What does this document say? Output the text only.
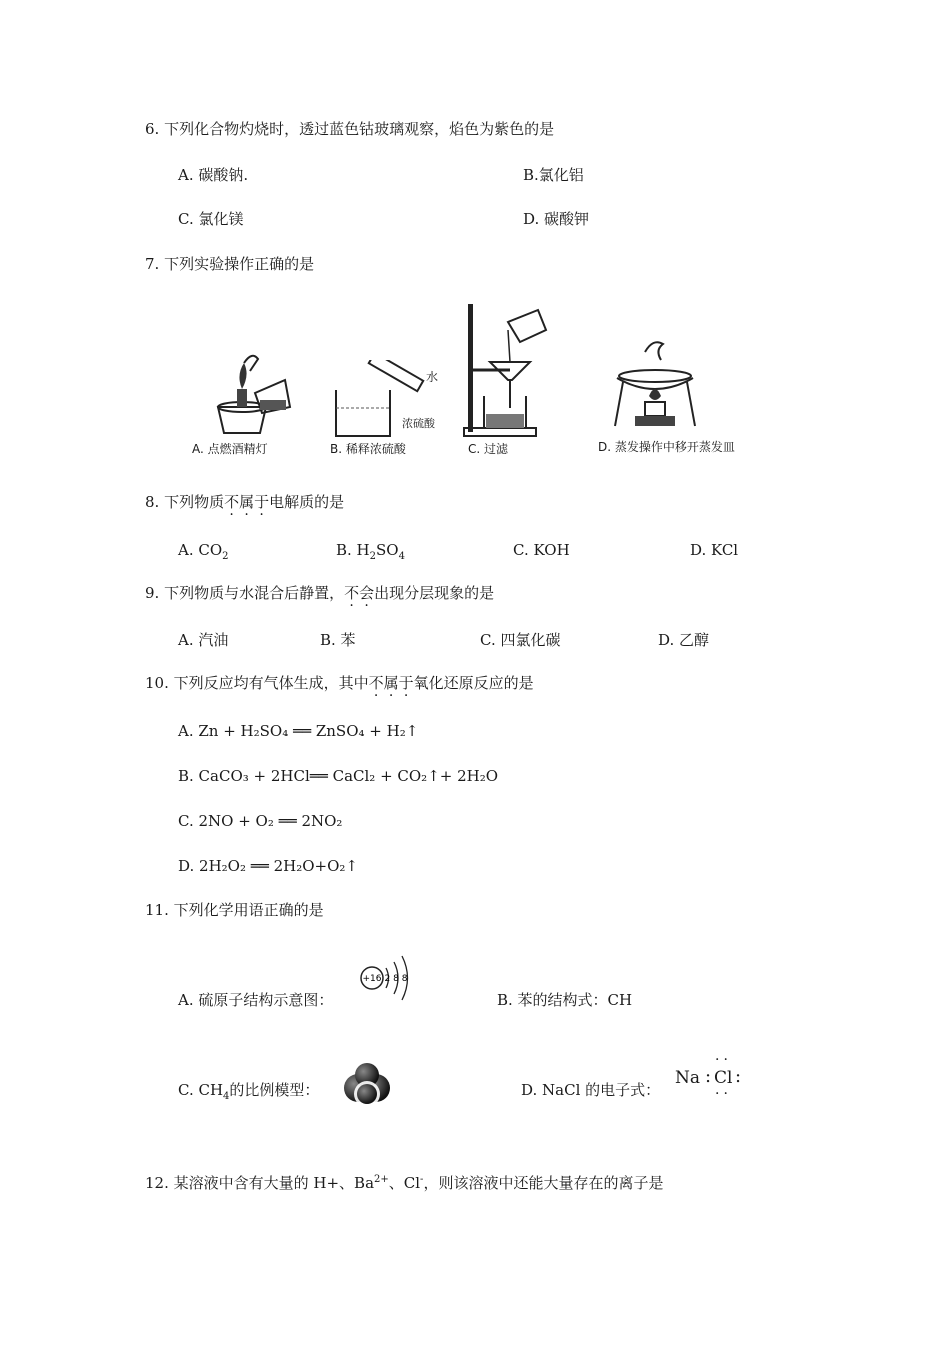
6. 下列化合物灼烧时，透过蓝色钴玻璃观察，焰色为紫色的是
A. 碳酸钠.	B.氯化铝
C. 氯化镁	D. 碳酸钾
7. 下列实验操作正确的是
A. 点燃酒精灯
水
浓硫酸
B. 稀释浓硫酸	C. 过滤	D. 蒸发操作中移开蒸发皿
8. 下列物质不属于电解质的是
A. $CO_2$	B. $H_2SO_4$	C. KOH	D. KCl
9. 下列物质与水混合后静置，不会出现分层现象的是
A. 汽油	B. 苯	C. 四氯化碳	D. 乙醇
10. 下列反应均有气体生成，其中不属于氧化还原反应的是
A. Zn + H₂SO₄ ══ ZnSO₄ + H₂↑
B. CaCO₃ + 2HCl══ CaCl₂ + CO₂↑+ 2H₂O
C. 2NO + O₂ ══ 2NO₂
D. 2H₂O₂ ══ 2H₂O+O₂↑
11. 下列化学用语正确的是
+16 2 8 8
A. 硫原子结构示意图：	B. 苯的结构式：CH
C. $CH_4$的比例模型：	D. NaCl 的电子式：
Na : Cl :
··
··
12. 某溶液中含有大量的 H+、$Ba^{2+}$、Cl-，则该溶液中还能大量存在的离子是
